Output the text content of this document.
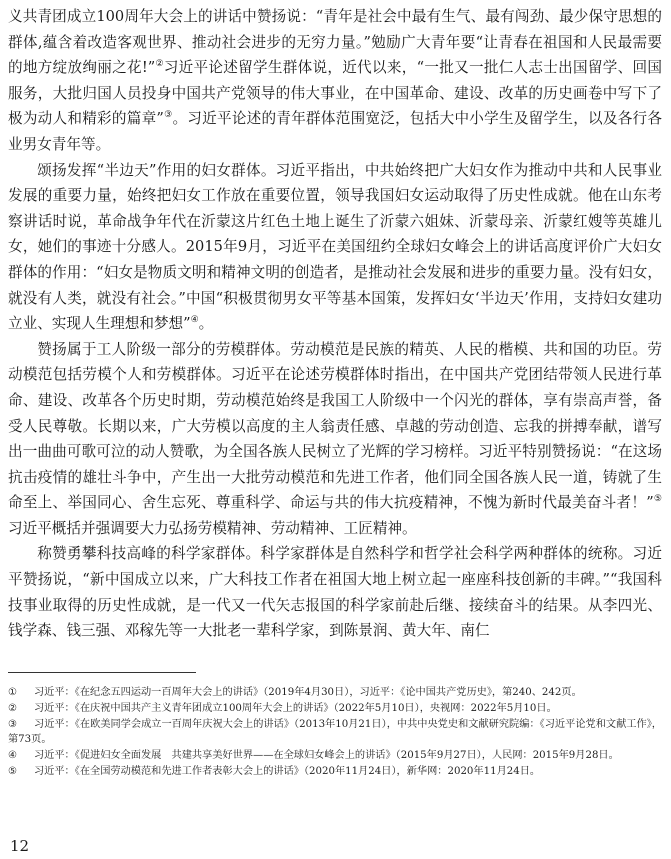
义共青团成立100周年大会上的讲话中赞扬说：“青年是社会中最有生气、最有闯劲、最少保守思想的群体,蕴含着改造客观世界、推动社会进步的无穷力量。”勉励广大青年要“让青春在祖国和人民最需要的地方绽放绚丽之花!”②习近平论述留学生群体说，近代以来，“一批又一批仁人志士出国留学、回国服务，大批归国人员投身中国共产党领导的伟大事业，在中国革命、建设、改革的历史画卷中写下了极为动人和精彩的篇章”③。习近平论述的青年群体范围宽泛，包括大中小学生及留学生，以及各行各业男女青年等。

颂扬发挥“半边天”作用的妇女群体。习近平指出，中共始终把广大妇女作为推动中共和人民事业发展的重要力量，始终把妇女工作放在重要位置，领导我国妇女运动取得了历史性成就。他在山东考察讲话时说，革命战争年代在沂蒙这片红色土地上诞生了沂蒙六姐妹、沂蒙母亲、沂蒙红嫂等英雄儿女，她们的事迹十分感人。2015年9月，习近平在美国纽约全球妇女峰会上的讲话高度评价广大妇女群体的作用：“妇女是物质文明和精神文明的创造者，是推动社会发展和进步的重要力量。没有妇女，就没有人类，就没有社会。”中国“积极贯彻男女平等基本国策，发挥妇女‘半边天’作用，支持妇女建功立业、实现人生理想和梦想”④。

赞扬属于工人阶级一部分的劳模群体。劳动模范是民族的精英、人民的楷模、共和国的功臣。劳动模范包括劳模个人和劳模群体。习近平在论述劳模群体时指出，在中国共产党团结带领人民进行革命、建设、改革各个历史时期，劳动模范始终是我国工人阶级中一个闪光的群体，享有崇高声誉，备受人民尊敬。长期以来，广大劳模以高度的主人翁责任感、卓越的劳动创造、忘我的拼搏奉献，谱写出一曲曲可歌可泣的动人赞歌，为全国各族人民树立了光辉的学习榜样。习近平特别赞扬说：“在这场抗击疫情的雄壮斗争中，产生出一大批劳动模范和先进工作者，他们同全国各族人民一道，铸就了生命至上、举国同心、舍生忘死、尊重科学、命运与共的伟大抗疫精神，不愧为新时代最美奋斗者！”⑤习近平概括并强调要大力弘扬劳模精神、劳动精神、工匠精神。

称赞勇攀科技高峰的科学家群体。科学家群体是自然科学和哲学社会科学两种群体的统称。习近平赞扬说，“新中国成立以来，广大科技工作者在祖国大地上树立起一座座科技创新的丰碑。”“我国科技事业取得的历史性成就，是一代又一代矢志报国的科学家前赴后继、接续奋斗的结果。从李四光、钱学森、钱三强、邓稼先等一大批老一辈科学家，到陈景润、黄大年、南仁

① 习近平：《在纪念五四运动一百周年大会上的讲话》（2019年4月30日），习近平：《论中国共产党历史》，第240、242页。
② 习近平：《在庆祝中国共产主义青年团成立100周年大会上的讲话》（2022年5月10日），央视网：2022年5月10日。
③ 习近平：《在欧美同学会成立一百周年庆祝大会上的讲话》（2013年10月21日），中共中央党史和文献研究院编：《习近平论党和文献工作》，第73页。
④ 习近平：《促进妇女全面发展　共建共享美好世界——在全球妇女峰会上的讲话》（2015年9月27日），人民网：2015年9月28日。
⑤ 习近平：《在全国劳动模范和先进工作者表彰大会上的讲话》（2020年11月24日），新华网：2020年11月24日。
12
